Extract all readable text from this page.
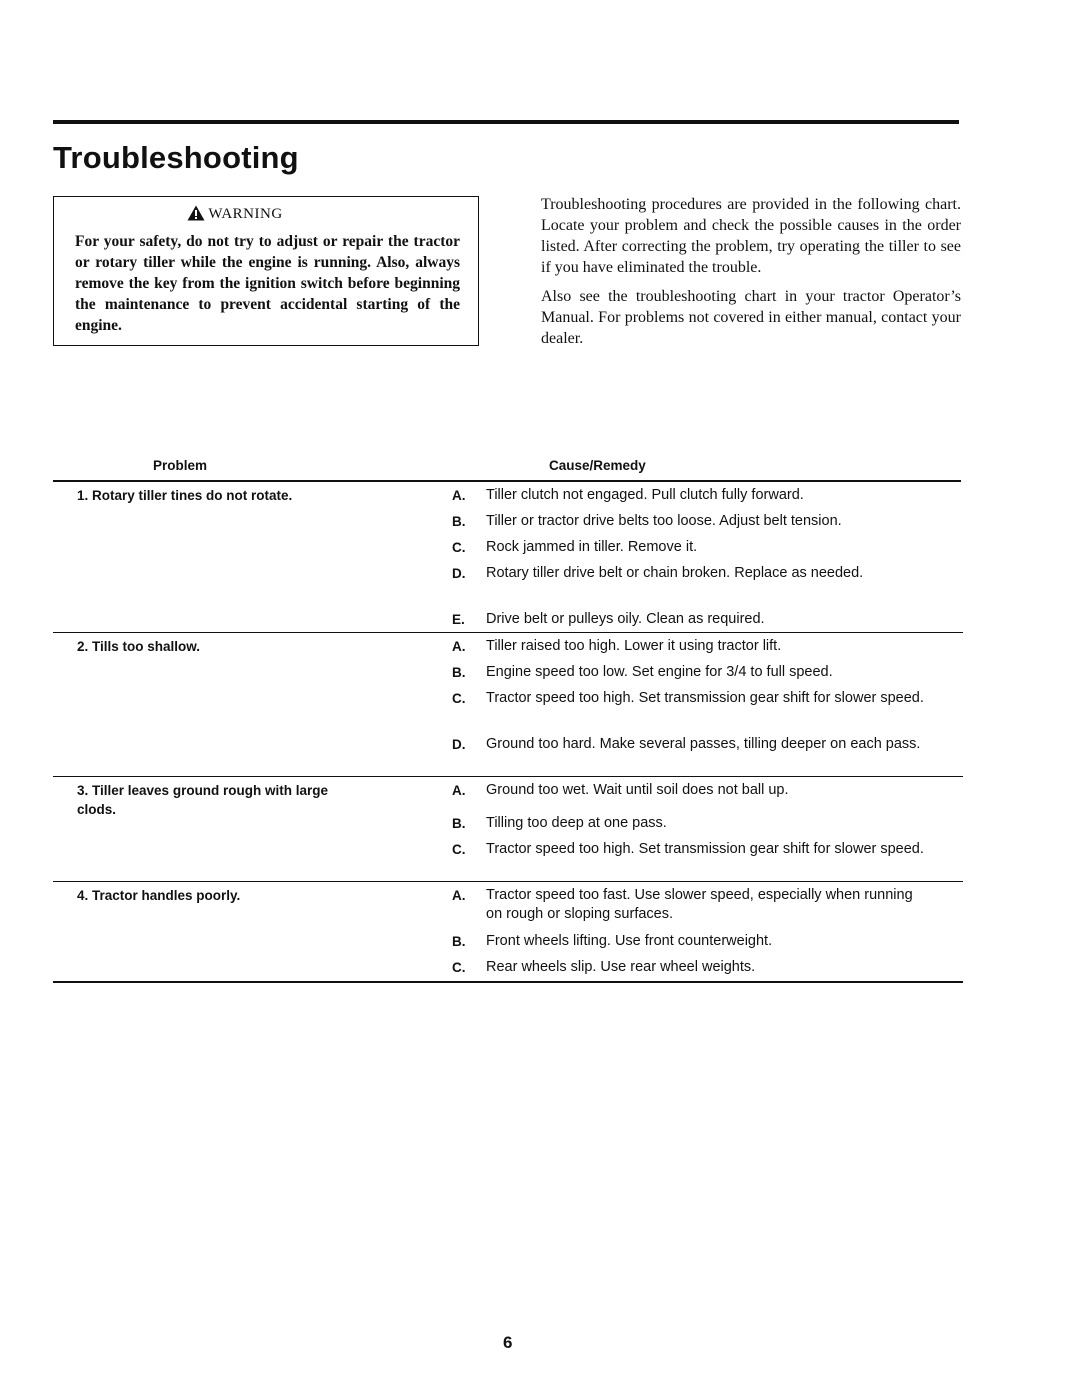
Troubleshooting
WARNING

For your safety, do not try to adjust or repair the tractor or rotary tiller while the engine is running. Also, always remove the key from the ignition switch before beginning the maintenance to prevent accidental starting of the engine.

Troubleshooting procedures are provided in the following chart. Locate your problem and check the possible causes in the order listed. After correcting the problem, try operating the tiller to see if you have eliminated the trouble.

Also see the troubleshooting chart in your tractor Operator’s Manual. For problems not covered in either manual, contact your dealer.

Problem	Cause/Remedy
1. Rotary tiller tines do not rotate.	A. Tiller clutch not engaged. Pull clutch fully forward.
B. Tiller or tractor drive belts too loose. Adjust belt tension.
C. Rock jammed in tiller. Remove it.
D. Rotary tiller drive belt or chain broken. Replace as needed.
E. Drive belt or pulleys oily. Clean as required.
2. Tills too shallow.	A. Tiller raised too high. Lower it using tractor lift.
B. Engine speed too low. Set engine for 3/4 to full speed.
C. Tractor speed too high. Set transmission gear shift for slower speed.
D. Ground too hard. Make several passes, tilling deeper on each pass.
3. Tiller leaves ground rough with large clods.
A. Ground too wet. Wait until soil does not ball up.
B. Tilling too deep at one pass.
C. Tractor speed too high. Set transmission gear shift for slower speed.
4. Tractor handles poorly.	A. Tractor speed too fast. Use slower speed, especially when running on rough or sloping surfaces.
B. Front wheels lifting. Use front counterweight.
C. Rear wheels slip. Use rear wheel weights.
6
